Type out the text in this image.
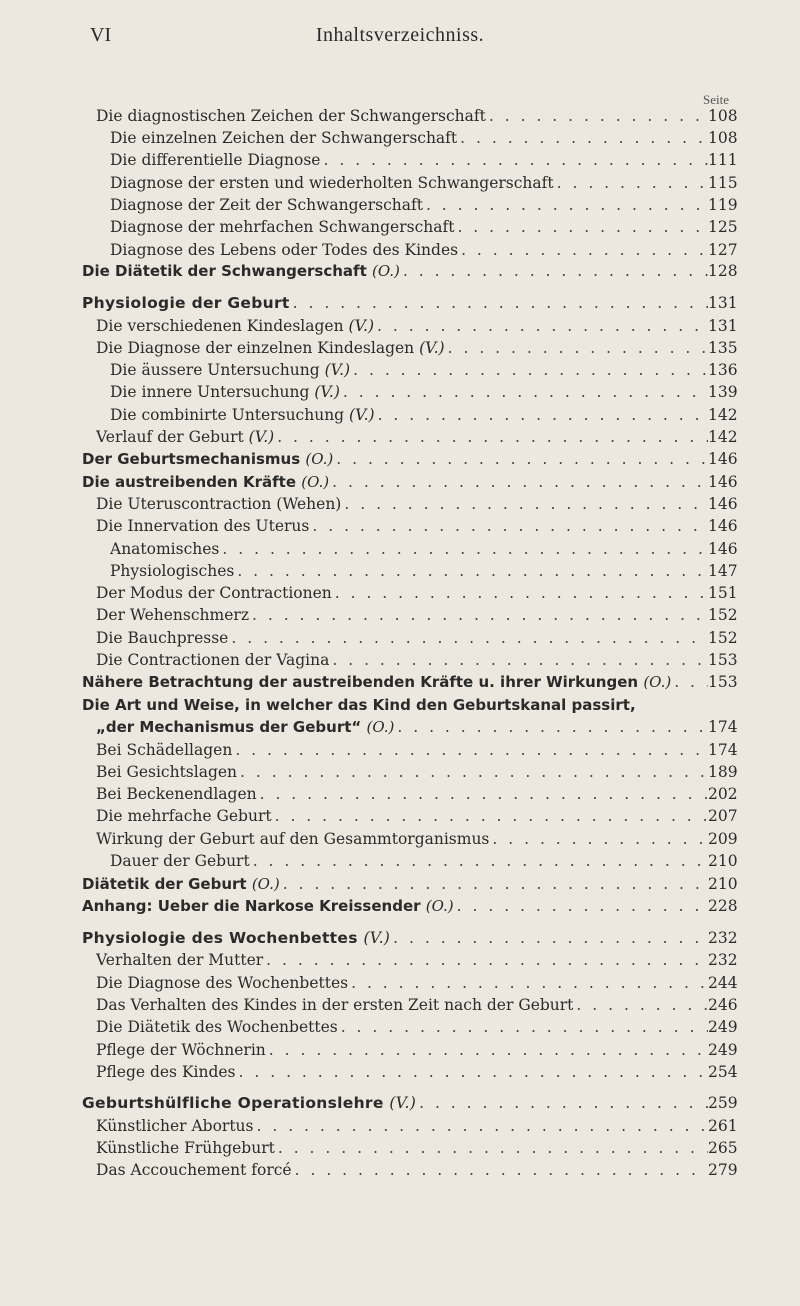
VI	Inhaltsverzeichniss.
Seite
Die diagnostischen Zeichen der Schwangerschaft . . .	108
Die einzelnen Zeichen der Schwangerschaft . . .	108
Die differentielle Diagnose . . .	111
Diagnose der ersten und wiederholten Schwangerschaft . . .	115
Diagnose der Zeit der Schwangerschaft . . .	119
Diagnose der mehrfachen Schwangerschaft . . .	125
Diagnose des Lebens oder Todes des Kindes . . .	127
Die Diätetik der Schwangerschaft (O.) . . .	128
Physiologie der Geburt . . .	131
Die verschiedenen Kindeslagen (V.) . . .	131
Die Diagnose der einzelnen Kindeslagen (V.) . . .	135
Die äussere Untersuchung (V.) . . .	136
Die innere Untersuchung (V.) . . .	139
Die combinirte Untersuchung (V.) . . .	142
Verlauf der Geburt (V.) . . .	142
Der Geburtsmechanismus (O.) . . .	146
Die austreibenden Kräfte (O.) . . .	146
Die Uteruscontraction (Wehen) . . .	146
Die Innervation des Uterus . . .	146
Anatomisches . . .	146
Physiologisches . . .	147
Der Modus der Contractionen . . .	151
Der Wehenschmerz . . .	152
Die Bauchpresse . . .	152
Die Contractionen der Vagina . . .	153
Nähere Betrachtung der austreibenden Kräfte u. ihrer Wirkungen (O.) . . . 153
Die Art und Weise, in welcher das Kind den Geburtskanal passirt,
„der Mechanismus der Geburt“ (O.) . . .	174
Bei Schädellagen . . .	174
Bei Gesichtslagen . . .	189
Bei Beckenendlagen . . .	202
Die mehrfache Geburt . . .	207
Wirkung der Geburt auf den Gesammtorganismus . . .	209
Dauer der Geburt . . .	210
Diätetik der Geburt (O.) . . .	210
Anhang: Ueber die Narkose Kreissender (O.) . . .	228
Physiologie des Wochenbettes (V.) . . .	232
Verhalten der Mutter . . .	232
Die Diagnose des Wochenbettes . . .	244
Das Verhalten des Kindes in der ersten Zeit nach der Geburt . . .	246
Die Diätetik des Wochenbettes . . .	249
Pflege der Wöchnerin . . .	249
Pflege des Kindes . . .	254
Geburtshülfliche Operationslehre (V.) . . .	259
Künstlicher Abortus . . .	261
Künstliche Frühgeburt . . .	265
Das Accouchement forcé . . .	279
